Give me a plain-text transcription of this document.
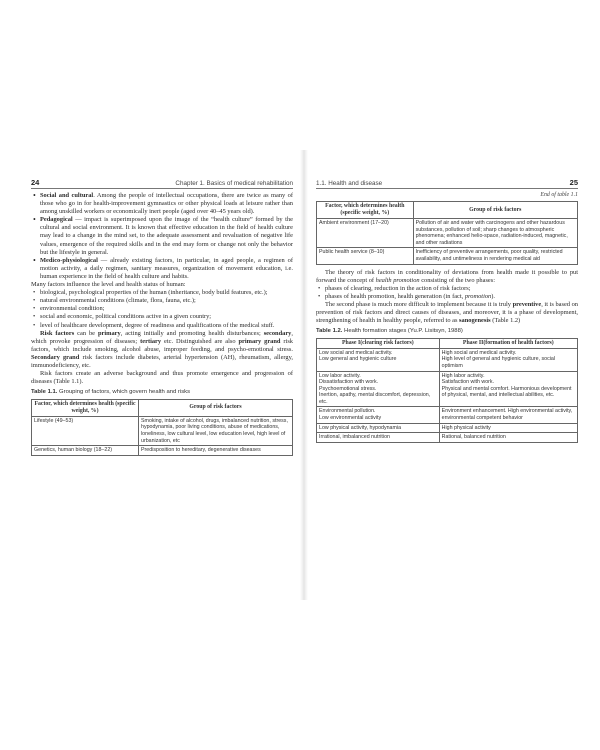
24	Chapter 1. Basics of medical rehabilitation
• Social and cultural. Among the people of intellectual occupations, there are twice as many of those who go in for health-improvement gymnastics or other physical loads at leisure rather than among unskilled workers or economically inert people (aged over 40–45 years old).
• Pedagogical — impact is superimposed upon the image of the “health culture” formed by the cultural and social environment. It is known that effective education in the field of health culture may lead to a change in the mind set, to the adequate assessment and revaluation of negative life values, emergence of the required skills and in the end may form or change not only the behavior but the lifestyle in general.
• Medico-physiological — already existing factors, in particular, in aged people, a regimen of motion activity, a daily regimen, sanitary measures, organization of movement education, i.e. human experience in the field of health culture and habits.

Many factors influence the level and health status of human:

• biological, psychological properties of the human (inheritance, body build features, etc.);
• natural environmental conditions (climate, flora, fauna, etc.);
• environmental condition;
• social and economic, political conditions active in a given country;
• level of healthcare development, degree of readiness and qualifications of the medical stuff.

Risk factors can be primary, acting initially and promoting health disturbances; secondary, which provoke progression of diseases; tertiary etc. Distinguished are also primary grand risk factors, which include smoking, alcohol abuse, improper feeding, and psycho-emotional stress. Secondary grand risk factors include diabetes, arterial hypertension (AH), rheumatism, allergy, immunodeficiency, etc.

Risk factors create an adverse background and thus promote emergence and progression of diseases (Table 1.1).

Table 1.1. Grouping of factors, which govern health and risks
Factor, which determines health (specific weight, %)	Group of risk factors
Lifestyle (49–53)	Smoking, intake of alcohol, drugs, imbalanced nutrition, stress, hypodynamia, poor living conditions, abuse of medications, loneliness, low cultural level, low education level, high level of urbanization, etc
Genetics, human biology (18–22)	Predisposition to hereditary, degenerative diseases
1.1. Health and disease	25
End of table 1.1
Factor, which determines health (specific weight, %)	Group of risk factors
Ambient environment (17–20)	Pollution of air and water with carcinogens and other hazardous substances, pollution of soil; sharp changes to atmospheric phenomena; enhanced helio-space, radiation-induced, magnetic, and other radiations
Public health service (8–10)	Inefficiency of preventive arrangements, poor quality, restricted availability, and untimeliness in rendering medical aid

The theory of risk factors in conditionality of deviations from health made it possible to put forward the concept of health promotion consisting of the two phases:

• phases of clearing, reduction in the action of risk factors;
• phases of health promotion, health generation (in fact, promotion).

The second phase is much more difficult to implement because it is truly preventive, it is based on prevention of risk factors and direct causes of diseases, and moreover, it is a phase of development, strengthening of health in healthy people, referred to as sanogenesis (Table 1.2)

Table 1.2. Health formation stages (Yu.P. Lisitsyn, 1988)
Phase I(clearing risk factors)	Phase II(formation of health factors)

Low social and medical activity.
Low general and hygienic culture	High social and medical activity.
High level of general and hygienic culture, social optimism

Low labor activity.
Dissatisfaction with work.
Psychoemotional stress.
Inertion, apathy, mental discomfort, depression, etc.	High labor activity.
Satisfaction with work.
Physical and mental comfort. Harmonious development of physical, mental, and intellectual abilities, etc.

Environmental pollution.
Low environmental activity	Environment enhancement. High environmental activity, environmental competent behavior

Low physical activity, hypodynamia	High physical activity
Irrational, imbalanced nutrition	Rational, balanced nutrition
